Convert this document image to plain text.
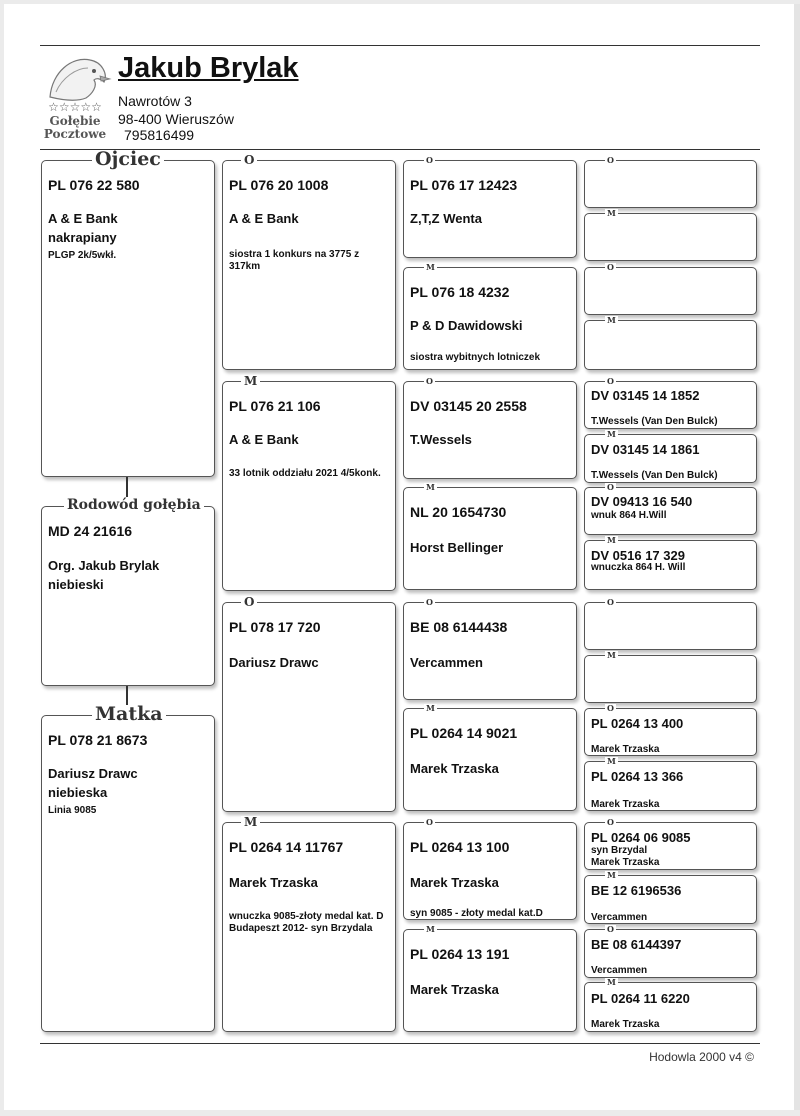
☆☆☆☆☆
Gołębie
Pocztowe
Jakub Brylak
Nawrotów 3
98-400 Wieruszów
795816499
Ojciec
PL 076 22 580
A & E Bank
nakrapiany
PLGP 2k/5wkł.
Rodowód gołębia
MD 24 21616
Org. Jakub Brylak
niebieski
Matka
PL 078 21 8673
Dariusz Drawc
niebieska
Linia 9085
O
PL 076 20 1008
A & E Bank
siostra 1 konkurs na 3775 z 317km
M
PL 076 21 106
A & E Bank
33 lotnik oddziału 2021 4/5konk.
O
PL 078 17 720
Dariusz Drawc
M
PL 0264 14 11767
Marek Trzaska
wnuczka 9085-złoty medal kat. D Budapeszt 2012- syn Brzydala
O
PL 076 17 12423
Z,T,Z Wenta
M
PL 076 18 4232
P & D Dawidowski
siostra wybitnych lotniczek
O
DV 03145 20 2558
T.Wessels
M
NL 20 1654730
Horst Bellinger
O
BE 08 6144438
Vercammen
M
PL 0264 14 9021
Marek Trzaska
O
PL 0264 13 100
Marek Trzaska
syn 9085 - złoty medal kat.D
M
PL 0264 13 191
Marek Trzaska
O
M
O
M
O
DV 03145 14 1852
T.Wessels (Van Den Bulck)
M
DV 03145 14 1861
T.Wessels (Van Den Bulck)
O
DV 09413 16 540
wnuk 864 H.Will
M
DV 0516 17 329
wnuczka 864 H. Will
O
M
O
PL 0264 13 400
Marek Trzaska
M
PL 0264 13 366
Marek Trzaska
O
PL 0264 06 9085
syn Brzydal
Marek Trzaska
M
BE 12 6196536
Vercammen
O
BE 08 6144397
Vercammen
M
PL 0264 11 6220
Marek Trzaska
Hodowla 2000 v4 ©
